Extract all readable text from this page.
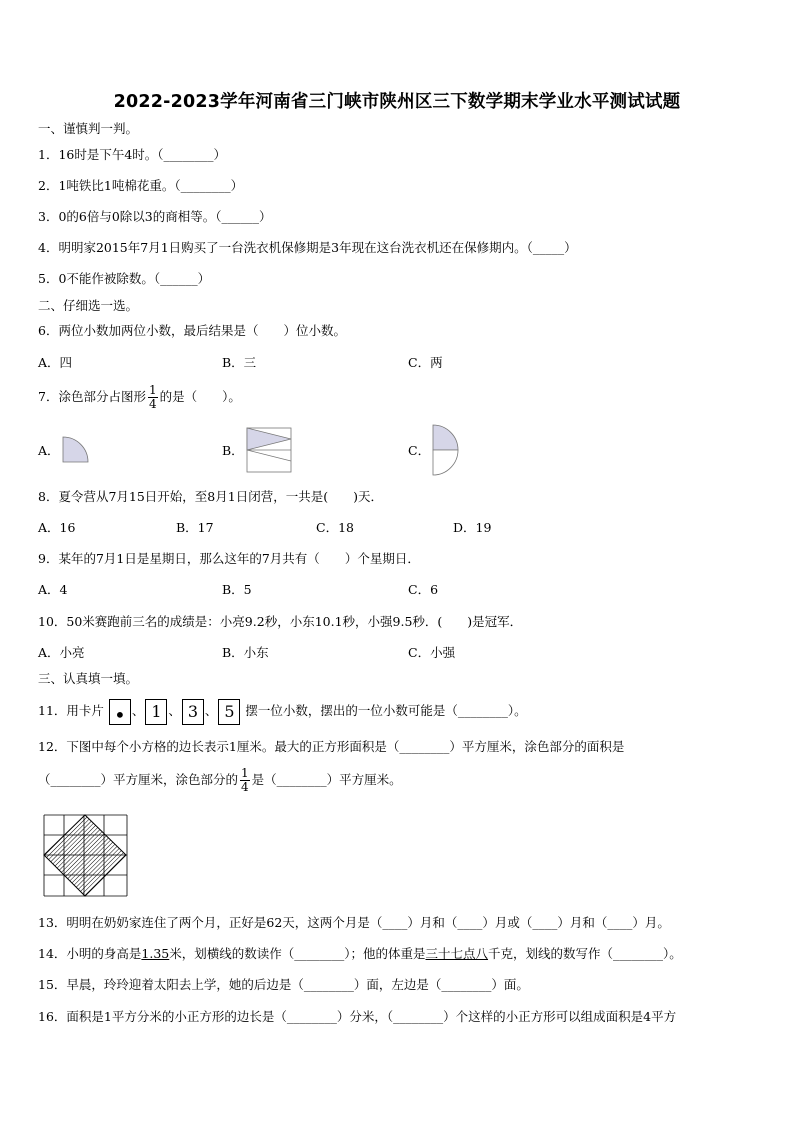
2022-2023学年河南省三门峡市陕州区三下数学期末学业水平测试试题
一、谨慎判一判。
1．16时是下午4时。（________）
2．1吨铁比1吨棉花重。（________）
3．0的6倍与0除以3的商相等。（______）
4．明明家2015年7月1日购买了一台洗衣机保修期是3年现在这台洗衣机还在保修期内。（_____）
5．0不能作被除数。（______）
二、仔细选一选。
6．两位小数加两位小数，最后结果是（　　）位小数。
A．四	B．三	C．两
7．涂色部分占图形 $\frac{1}{4}$ 的是（　　）。
A．	B．	C．
8．夏令营从7月15日开始，至8月1日闭营，一共是(　　)天．
A．16	B．17	C．18	D．19
9．某年的7月1日是星期日，那么这年的7月共有（　　）个星期日．
A．4	B．5	C．6
10．50米赛跑前三名的成绩是：小亮9.2秒，小东10.1秒，小强9.5秒．(　　)是冠军．
A．小亮	B．小东	C．小强
三、认真填一填。
11．用卡片 • 、 1 、 3 、 5 摆一位小数，摆出的一位小数可能是（________）。
12．下图中每个小方格的边长表示1厘米。最大的正方形面积是（________）平方厘米，涂色部分的面积是
（________）平方厘米，涂色部分的 $\frac{1}{4}$ 是（________）平方厘米。
13．明明在奶奶家连住了两个月，正好是62天，这两个月是（____）月和（____）月或（____）月和（____）月。
14．小明的身高是1.35米，划横线的数读作（________）；他的体重是三十七点八千克，划线的数写作（________）。
15．早晨，玲玲迎着太阳去上学，她的后边是（________）面，左边是（________）面。
16．面积是1平方分米的小正方形的边长是（________）分米，（________）个这样的小正方形可以组成面积是4平方
